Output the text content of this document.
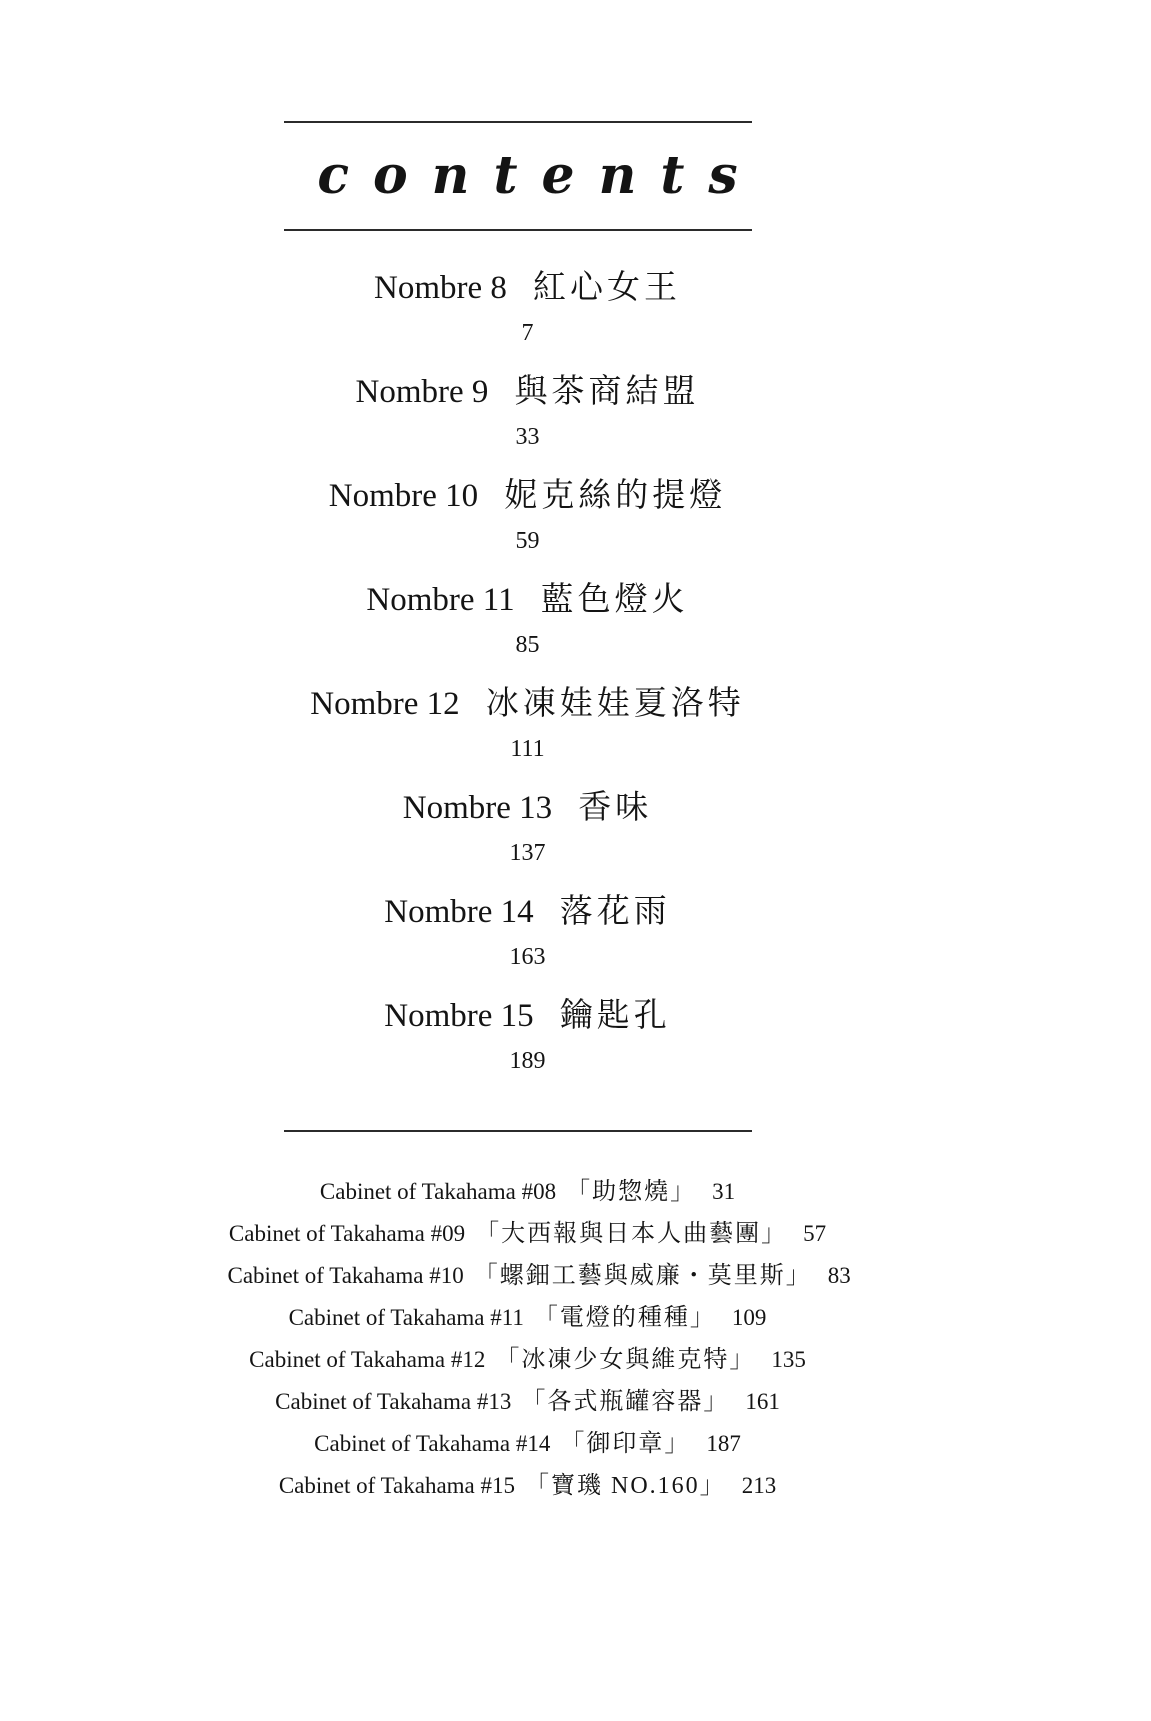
contents
Nombre 8 紅心女王
7
Nombre 9 與茶商結盟
33
Nombre 10 妮克絲的提燈
59
Nombre 11 藍色燈火
85
Nombre 12 冰凍娃娃夏洛特
111
Nombre 13 香味
137
Nombre 14 落花雨
163
Nombre 15 鑰匙孔
189
Cabinet of Takahama #08 「助惣燒」 31
Cabinet of Takahama #09 「大西報與日本人曲藝團」 57
Cabinet of Takahama #10 「螺鈿工藝與威廉・莫里斯」 83
Cabinet of Takahama #11 「電燈的種種」 109
Cabinet of Takahama #12 「冰凍少女與維克特」 135
Cabinet of Takahama #13 「各式瓶罐容器」 161
Cabinet of Takahama #14 「御印章」 187
Cabinet of Takahama #15 「寶璣 NO.160」 213
